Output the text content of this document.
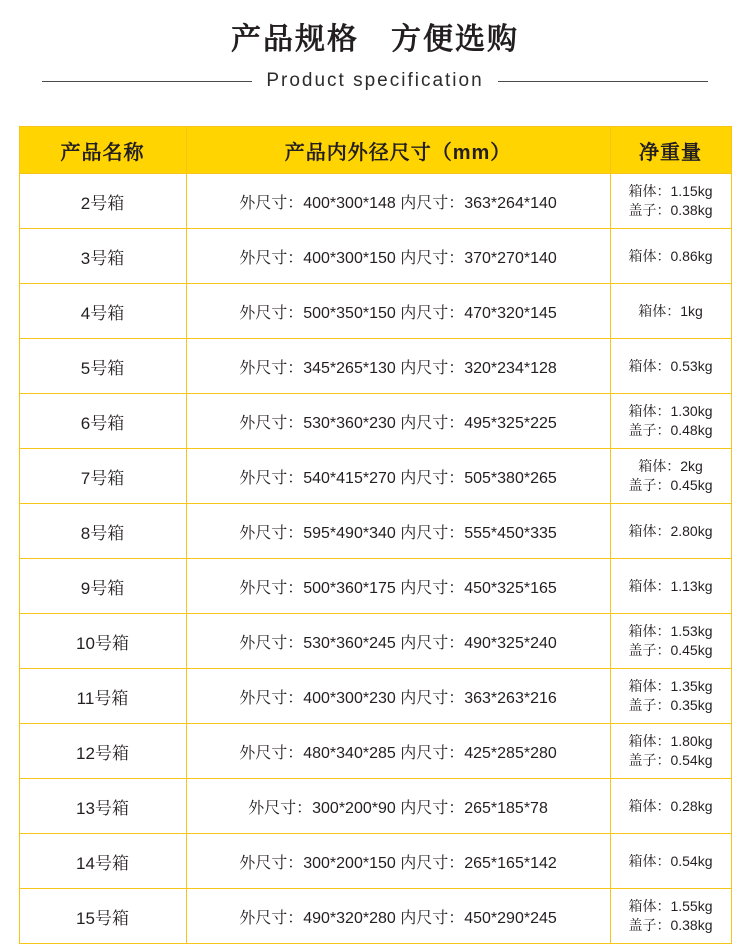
产品规格　方便选购
Product specification
产品名称	产品内外径尺寸（mm）	净重量
2号箱	外尺寸：400*300*148 内尺寸：363*264*140	箱体：1.15kg
盖子：0.38kg

3号箱	外尺寸：400*300*150 内尺寸：370*270*140	箱体：0.86kg

4号箱	外尺寸：500*350*150 内尺寸：470*320*145	箱体：1kg

5号箱	外尺寸：345*265*130 内尺寸：320*234*128	箱体：0.53kg

6号箱	外尺寸：530*360*230 内尺寸：495*325*225	箱体：1.30kg
盖子：0.48kg

7号箱	外尺寸：540*415*270 内尺寸：505*380*265	箱体：2kg
盖子：0.45kg

8号箱	外尺寸：595*490*340 内尺寸：555*450*335	箱体：2.80kg

9号箱	外尺寸：500*360*175 内尺寸：450*325*165	箱体：1.13kg

10号箱	外尺寸：530*360*245 内尺寸：490*325*240	箱体：1.53kg
盖子：0.45kg

11号箱	外尺寸：400*300*230 内尺寸：363*263*216	箱体：1.35kg
盖子：0.35kg

12号箱	外尺寸：480*340*285 内尺寸：425*285*280	箱体：1.80kg
盖子：0.54kg

13号箱	外尺寸：300*200*90 内尺寸：265*185*78	箱体：0.28kg

14号箱	外尺寸：300*200*150 内尺寸：265*165*142	箱体：0.54kg

15号箱	外尺寸：490*320*280 内尺寸：450*290*245	箱体：1.55kg
盖子：0.38kg
